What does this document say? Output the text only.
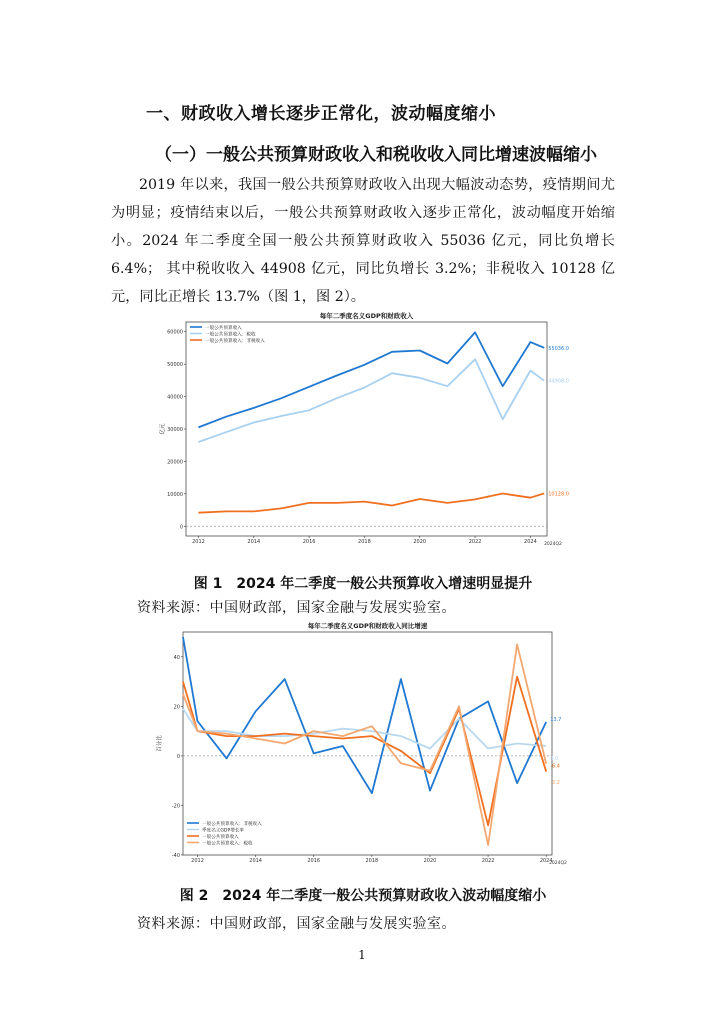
一、财政收入增长逐步正常化，波动幅度缩小
（一）一般公共预算财政收入和税收收入同比增速波幅缩小
2019 年以来，我国一般公共预算财政收入出现大幅波动态势，疫情期间尤为明显；疫情结束以后，一般公共预算财政收入逐步正常化，波动幅度开始缩小。2024 年二季度全国一般公共预算财政收入 55036 亿元，同比负增长 6.4%； 其中税收收入 44908 亿元，同比负增长 3.2%；非税收入 10128 亿元，同比正增长 13.7%（图 1，图 2）。
每年二季度名义GDP和财政收入
0
10000
20000
30000
40000
50000
60000
亿元
2012	2014	2016	2018	2020	2022	2024 2024Q2
55036.0
44908.0
10128.0
一般公共预算收入
一般公共预算收入：税收
一般公共预算收入：非税收入
图 1　2024 年二季度一般公共预算收入增速明显提升
资料来源：中国财政部，国家金融与发展实验室。
每年二季度名义GDP和财政收入同比增速
-40
-20
0
20
40
百分比
2012	2014	2016	2018	2020	2022	2024
2024Q2
13.7
4.0
-6.4
-3.2
一般公共预算收入：非税收入
季度名义GDP增长率
一般公共预算收入
一般公共预算收入：税收
图 2　2024 年二季度一般公共预算财政收入波动幅度缩小
资料来源：中国财政部，国家金融与发展实验室。
1
